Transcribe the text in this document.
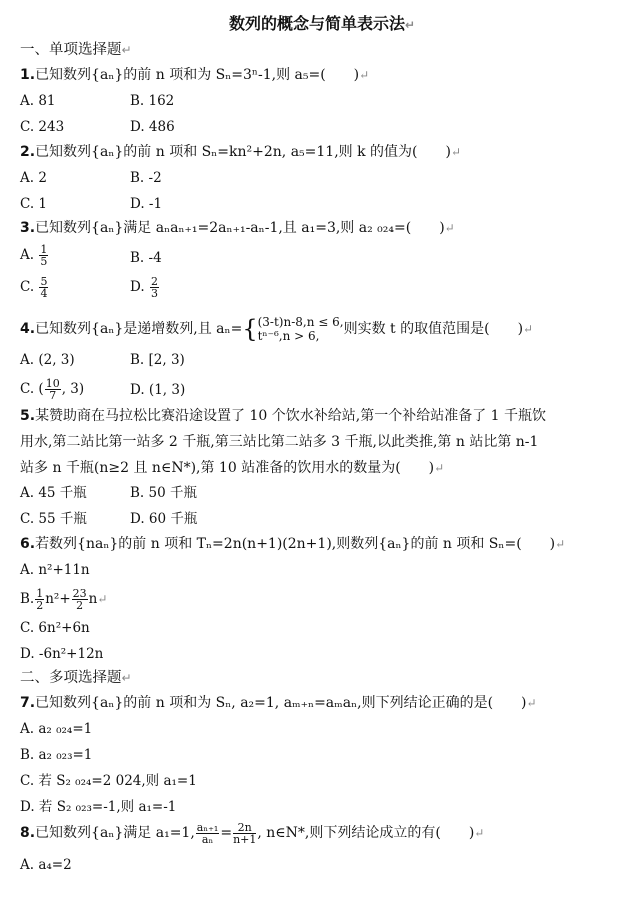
数列的概念与简单表示法↵
一、单项选择题↵
1.已知数列{aₙ}的前 n 项和为 Sₙ=3ⁿ-1,则 a₅=(　　)↵
A. 81	B. 162
C. 243	D. 486
2.已知数列{aₙ}的前 n 项和 Sₙ=kn²+2n, a₅=11,则 k 的值为(　　)↵
A. 2	B. -2
C. 1	D. -1
3.已知数列{aₙ}满足 aₙaₙ₊₁=2aₙ₊₁-aₙ-1,且 a₁=3,则 a₂ ₀₂₄=(　　)↵
A. $\frac{1}{5}$	B. -4
C. $\frac{5}{4}$	D. $\frac{2}{3}$
4.已知数列{aₙ}是递增数列,且 aₙ={ (3-t)n-8,n ≤ 6,
tⁿ⁻⁶,n > 6,	则实数 t 的取值范围是(　　)↵
A. (2, 3)	B. [2, 3)
C. ( $\frac{10}{7}$ , 3)	D. (1, 3)
5.某赞助商在马拉松比赛沿途设置了 10 个饮水补给站,第一个补给站准备了 1 千瓶饮
用水,第二站比第一站多 2 千瓶,第三站比第二站多 3 千瓶,以此类推,第 n 站比第 n-1
站多 n 千瓶(n≥2 且 n∈N*),第 10 站准备的饮用水的数量为(　　)↵
A. 45 千瓶	B. 50 千瓶
C. 55 千瓶	D. 60 千瓶
6.若数列{naₙ}的前 n 项和 Tₙ=2n(n+1)(2n+1),则数列{aₙ}的前 n 项和 Sₙ=(　　)↵
A. n²+11n
B. $\frac{1}{2} n^2+ \frac{23}{2}$ n↵
C. 6n²+6n
D. -6n²+12n
二、多项选择题↵
7.已知数列{aₙ}的前 n 项和为 Sₙ, a₂=1, aₘ₊ₙ=aₘaₙ,则下列结论正确的是(　　)↵
A. a₂ ₀₂₄=1
B. a₂ ₀₂₃=1
C. 若 S₂ ₀₂₄=2 024,则 a₁=1
D. 若 S₂ ₀₂₃=-1,则 a₁=-1
8.已知数列{aₙ}满足 a₁=1, $\frac{\text{aₙ₊₁}}{\text{aₙ}} = \frac{2n}{n+1}$ , n∈N*,则下列结论成立的有(　　)↵
A. a₄=2
